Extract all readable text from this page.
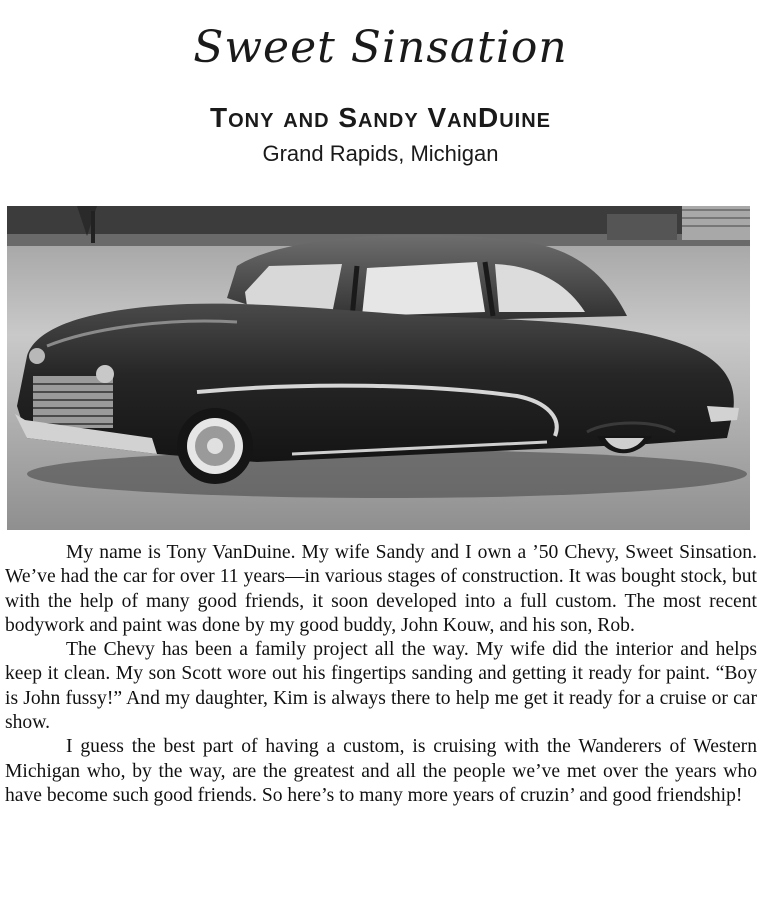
Sweet Sinsation
Tony and Sandy VanDuine
Grand Rapids, Michigan

My name is Tony VanDuine. My wife Sandy and I own a ’50 Chevy, Sweet Sinsation. We’ve had the car for over 11 years—in various stages of construction. It was bought stock, but with the help of many good friends, it soon developed into a full custom. The most recent bodywork and paint was done by my good buddy, John Kouw, and his son, Rob.

The Chevy has been a family project all the way. My wife did the interior and helps keep it clean. My son Scott wore out his fingertips sanding and getting it ready for paint. “Boy is John fussy!” And my daughter, Kim is always there to help me get it ready for a cruise or car show.

I guess the best part of having a custom, is cruising with the Wanderers of Western Michigan who, by the way, are the greatest and all the people we’ve met over the years who have become such good friends. So here’s to many more years of cruzin’ and good friendship!
